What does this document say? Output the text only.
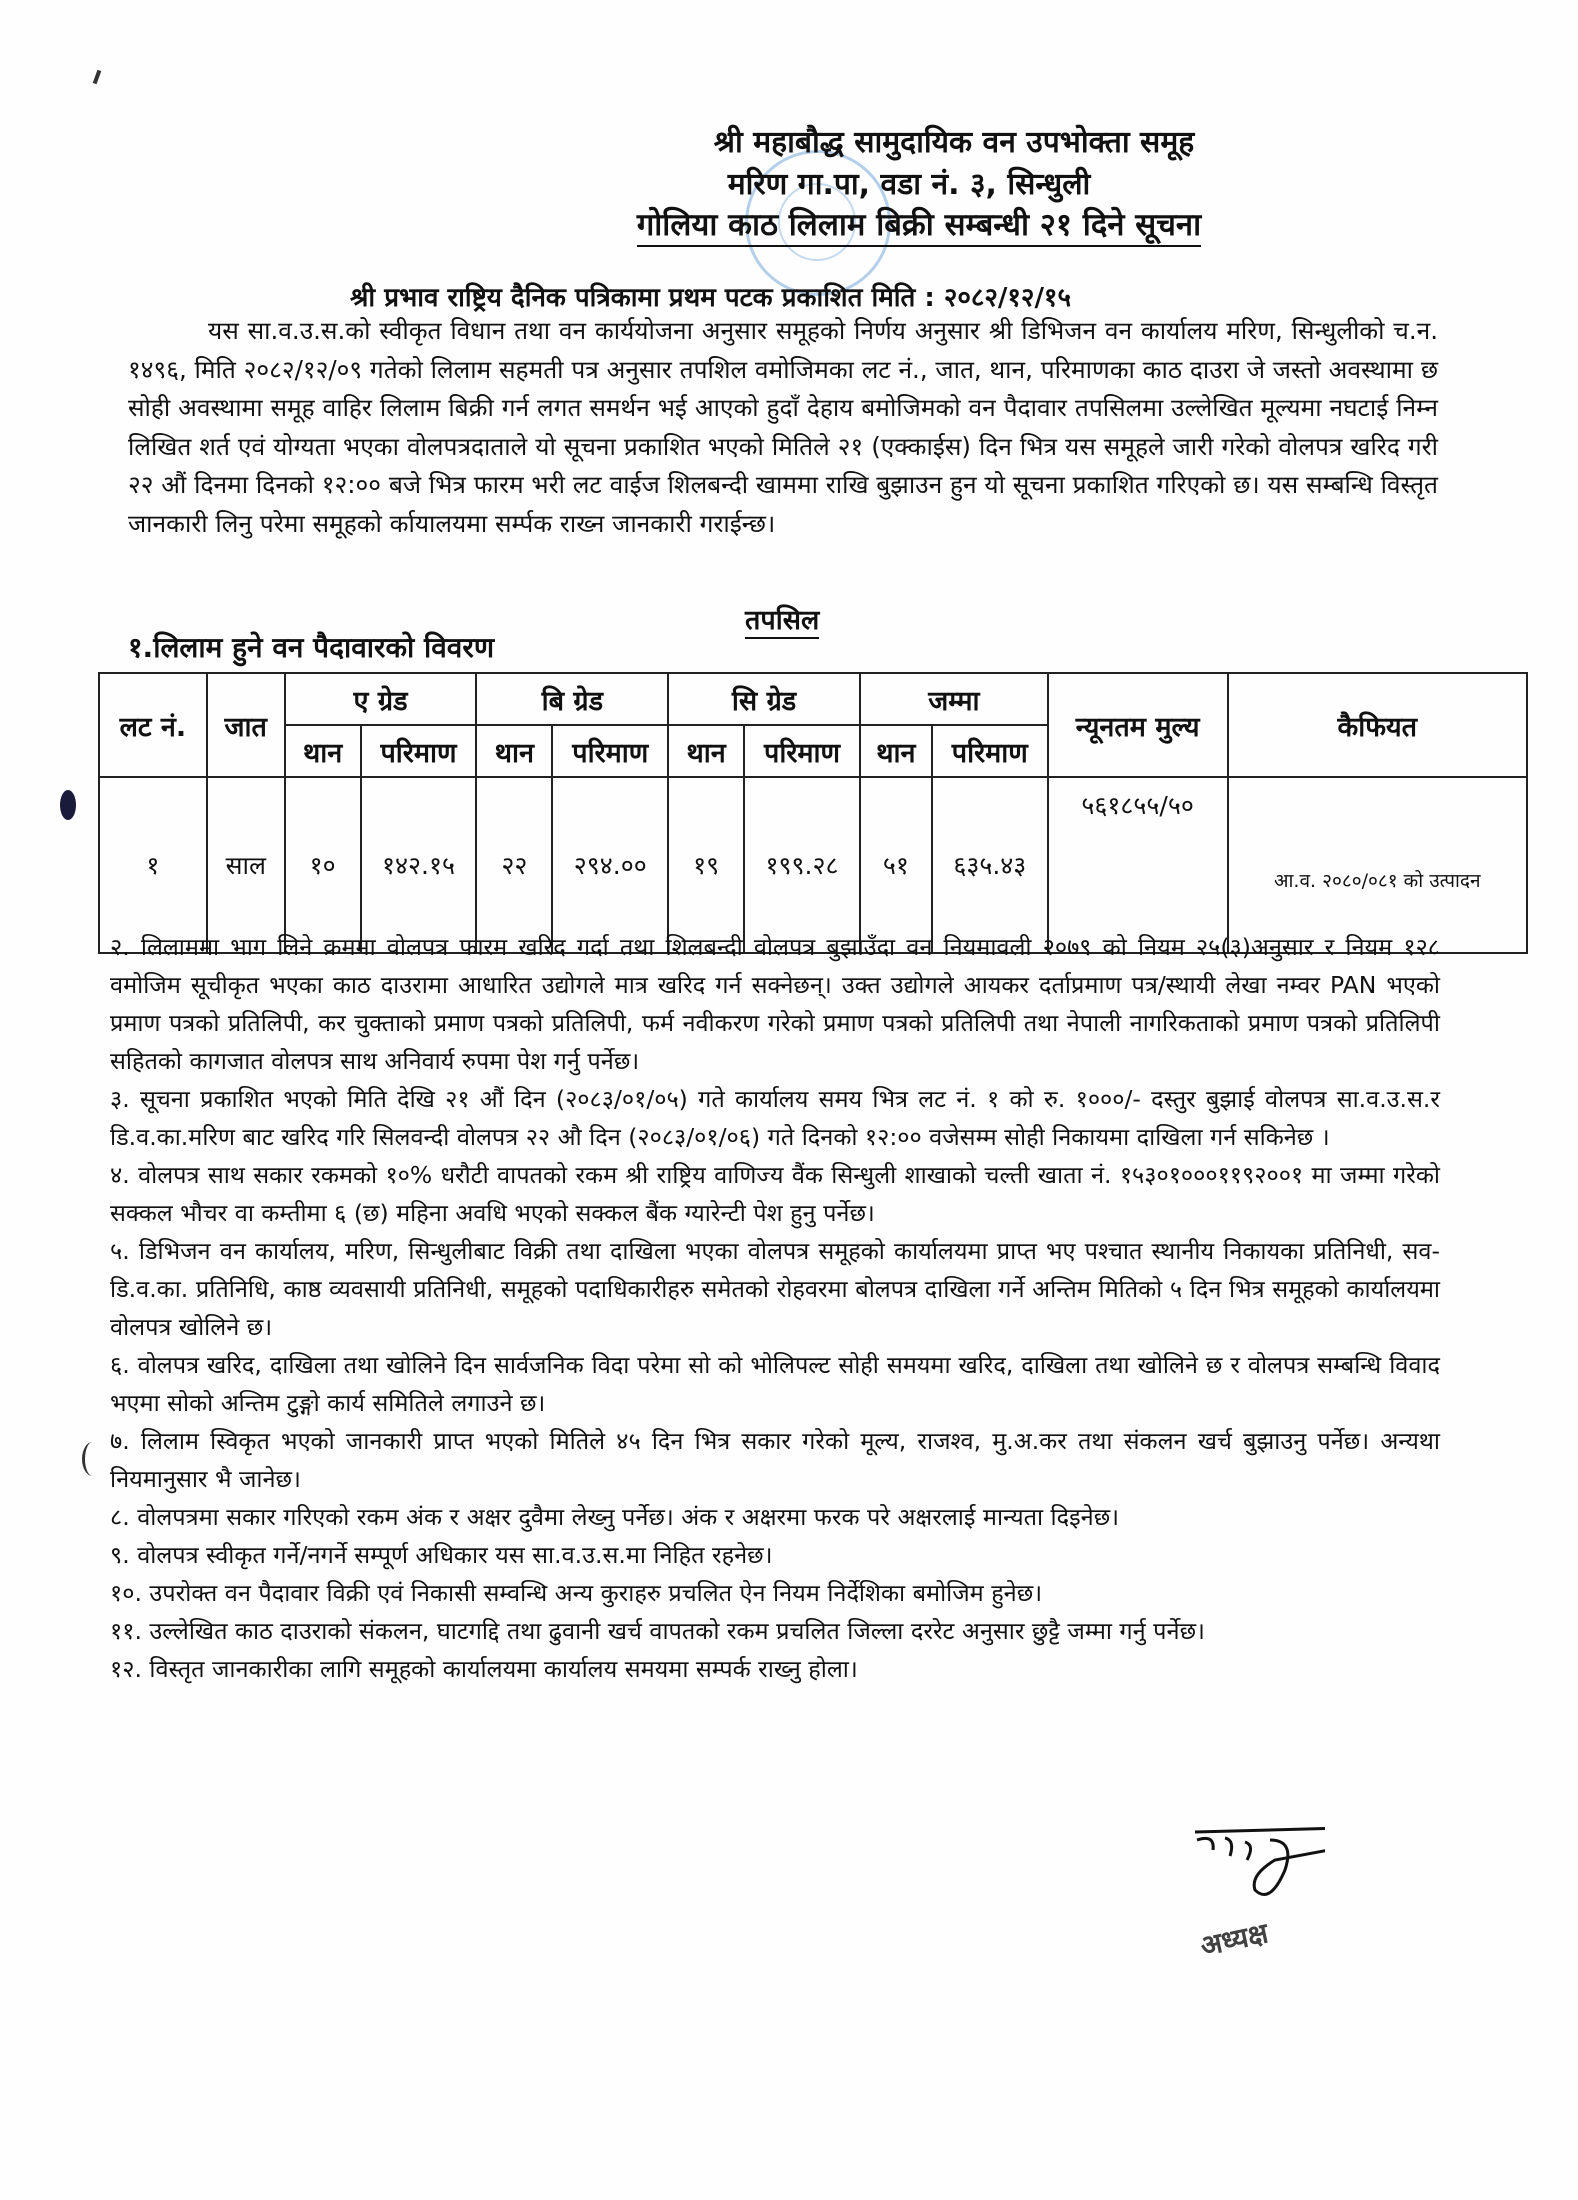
श्री महाबौद्ध सामुदायिक वन उपभोक्ता समूह
मरिण गा.पा, वडा नं. ३, सिन्धुली
गोलिया काठ लिलाम बिक्री सम्बन्धी २१ दिने सूचना
श्री प्रभाव राष्ट्रिय दैनिक पत्रिकामा प्रथम पटक प्रकाशित मिति : २०८२/१२/१५
यस सा.व.उ.स.को स्वीकृत विधान तथा वन कार्ययोजना अनुसार समूहको निर्णय अनुसार श्री डिभिजन वन कार्यालय मरिण, सिन्धुलीको च.न. १४९६, मिति २०८२/१२/०९ गतेको लिलाम सहमती पत्र अनुसार तपशिल वमोजिमका लट नं., जात, थान, परिमाणका काठ दाउरा जे जस्तो अवस्थामा छ सोही अवस्थामा समूह वाहिर लिलाम बिक्री गर्न लगत समर्थन भई आएको हुदाँ देहाय बमोजिमको वन पैदावार तपसिलमा उल्लेखित मूल्यमा नघटाई निम्न लिखित शर्त एवं योग्यता भएका वोलपत्रदाताले यो सूचना प्रकाशित भएको मितिले २१ (एक्काईस) दिन भित्र यस समूहले जारी गरेको वोलपत्र खरिद गरी २२ औं दिनमा दिनको १२:०० बजे भित्र फारम भरी लट वाईज शिलबन्दी खाममा राखि बुझाउन हुन यो सूचना प्रकाशित गरिएको छ। यस सम्बन्धि विस्तृत जानकारी लिनु परेमा समूहको र्कायालयमा सर्म्पक राख्न जानकारी गराईन्छ।
तपसिल
१.लिलाम हुने वन पैदावारको विवरण
लट नं.	जात	ए ग्रेड		बि ग्रेड		सि ग्रेड		जम्मा		न्यूनतम मुल्य	कैफियत
		थान	परिमाण	थान	परिमाण	थान	परिमाण	थान	परिमाण		
१	साल	१०	१४२.१५	२२	२९४.००	१९	१९९.२८	५१	६३५.४३	५६१८५५/५०	आ.व. २०८०/०८१ को उत्पादन
२. लिलाममा भाग लिने क्रममा वोलपत्र फारम खरिद गर्दा तथा शिलबन्दी वोलपत्र बुझाउँदा वन नियमावली २०७९ को नियम २५(३)अनुसार र नियम १२८ वमोजिम सूचीकृत भएका काठ दाउरामा आधारित उद्योगले मात्र खरिद गर्न सक्नेछन्। उक्त उद्योगले आयकर दर्ताप्रमाण पत्र/स्थायी लेखा नम्वर PAN भएको प्रमाण पत्रको प्रतिलिपी, कर चुक्ताको प्रमाण पत्रको प्रतिलिपी, फर्म नवीकरण गरेको प्रमाण पत्रको प्रतिलिपी तथा नेपाली नागरिकताको प्रमाण पत्रको प्रतिलिपी सहितको कागजात वोलपत्र साथ अनिवार्य रुपमा पेश गर्नु पर्नेछ।
३. सूचना प्रकाशित भएको मिति देखि २१ औं दिन (२०८३/०१/०५) गते कार्यालय समय भित्र लट नं. १ को रु. १०००/- दस्तुर बुझाई वोलपत्र सा.व.उ.स.र डि.व.का.मरिण बाट खरिद गरि सिलवन्दी वोलपत्र २२ औ दिन (२०८३/०१/०६) गते दिनको १२:०० वजेसम्म सोही निकायमा दाखिला गर्न सकिनेछ ।
४. वोलपत्र साथ सकार रकमको १०% धरौटी वापतको रकम श्री राष्ट्रिय वाणिज्य वैंक सिन्धुली शाखाको चल्ती खाता नं. १५३०१०००११९२००१ मा जम्मा गरेको सक्कल भौचर वा कम्तीमा ६ (छ) महिना अवधि भएको सक्कल बैंक ग्यारेन्टी पेश हुनु पर्नेछ।
५. डिभिजन वन कार्यालय, मरिण, सिन्धुलीबाट विक्री तथा दाखिला भएका वोलपत्र समूहको कार्यालयमा प्राप्त भए पश्चात स्थानीय निकायका प्रतिनिधी, सव-डि.व.का. प्रतिनिधि, काष्ठ व्यवसायी प्रतिनिधी, समूहको पदाधिकारीहरु समेतको रोहवरमा बोलपत्र दाखिला गर्ने अन्तिम मितिको ५ दिन भित्र समूहको कार्यालयमा वोलपत्र खोलिने छ।
६. वोलपत्र खरिद, दाखिला तथा खोलिने दिन सार्वजनिक विदा परेमा सो को भोलिपल्ट सोही समयमा खरिद, दाखिला तथा खोलिने छ र वोलपत्र सम्बन्धि विवाद भएमा सोको अन्तिम टुङ्गो कार्य समितिले लगाउने छ।
७. लिलाम स्विकृत भएको जानकारी प्राप्त भएको मितिले ४५ दिन भित्र सकार गरेको मूल्य, राजश्व, मु.अ.कर तथा संकलन खर्च बुझाउनु पर्नेछ। अन्यथा नियमानुसार भै जानेछ।
८. वोलपत्रमा सकार गरिएको रकम अंक र अक्षर दुवैमा लेख्नु पर्नेछ। अंक र अक्षरमा फरक परे अक्षरलाई मान्यता दिइनेछ।
९. वोलपत्र स्वीकृत गर्ने/नगर्ने सम्पूर्ण अधिकार यस सा.व.उ.स.मा निहित रहनेछ।
१०. उपरोक्त वन पैदावार विक्री एवं निकासी सम्वन्धि अन्य कुराहरु प्रचलित ऐन नियम निर्देशिका बमोजिम हुनेछ।
११. उल्लेखित काठ दाउराको संकलन, घाटगद्दि तथा ढुवानी खर्च वापतको रकम प्रचलित जिल्ला दररेट अनुसार छुट्टै जम्मा गर्नु पर्नेछ।
१२. विस्तृत जानकारीका लागि समूहको कार्यालयमा कार्यालय समयमा सम्पर्क राख्नु होला।
अध्यक्ष
